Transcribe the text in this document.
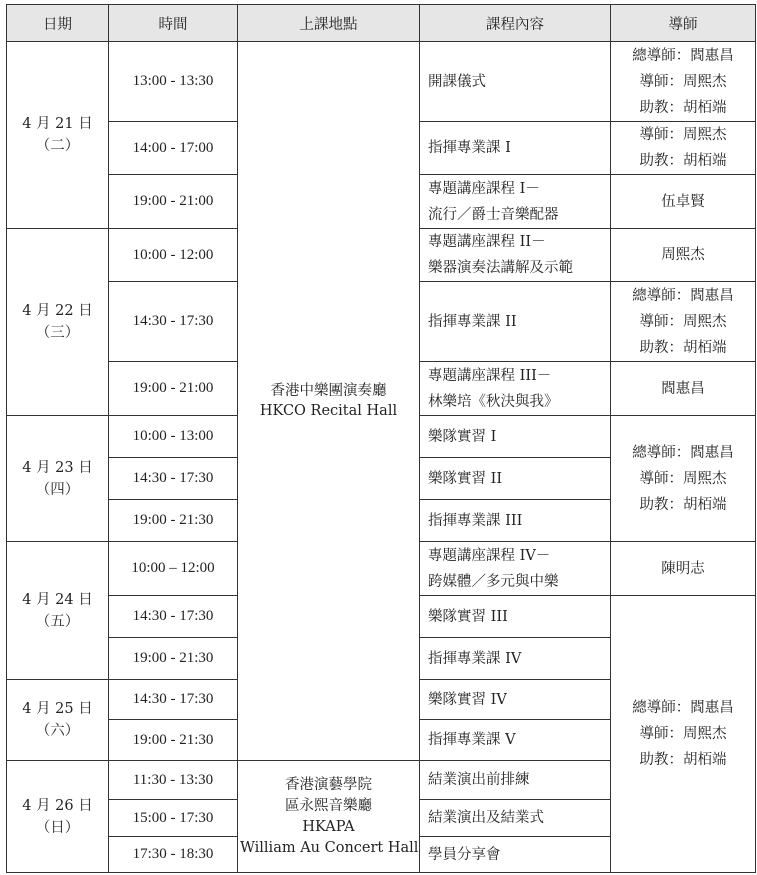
日期	時間	上課地點	課程內容	導師

4 月 21 日
（二）	13:00 - 13:30	香港中樂團演奏廳
HKCO Recital Hall	開課儀式	總導師：閻惠昌
導師：周熙杰
助教：胡栢端

	14:00 - 17:00		指揮專業課 I	導師：周熙杰
助教：胡栢端

	19:00 - 21:00		專題講座課程 I－
流行／爵士音樂配器	伍卓賢

4 月 22 日
（三）	10:00 - 12:00		專題講座課程 II－
樂器演奏法講解及示範	周熙杰

	14:30 - 17:30		指揮專業課 II	總導師：閻惠昌
導師：周熙杰
助教：胡栢端

	19:00 - 21:00		專題講座課程 III－
林樂培《秋決與我》	閻惠昌

4 月 23 日
（四）	10:00 - 13:00		樂隊實習 I	總導師：閻惠昌
導師：周熙杰
助教：胡栢端

	14:30 - 17:30		樂隊實習 II	

	19:00 - 21:30		指揮專業課 III	

4 月 24 日
（五）	10:00 – 12:00		專題講座課程 IV－
跨媒體／多元與中樂	陳明志

	14:30 - 17:30		樂隊實習 III	總導師：閻惠昌
導師：周熙杰
助教：胡栢端

	19:00 - 21:30		指揮專業課 IV	

4 月 25 日
（六）	14:30 - 17:30		樂隊實習 IV	

	19:00 - 21:30		指揮專業課 V	

4 月 26 日
（日）	11:30 - 13:30	香港演藝學院
區永熙音樂廳
HKAPA
William Au Concert Hall	結業演出前排練	

	15:00 - 17:30		結業演出及結業式	

	17:30 - 18:30		學員分享會	
